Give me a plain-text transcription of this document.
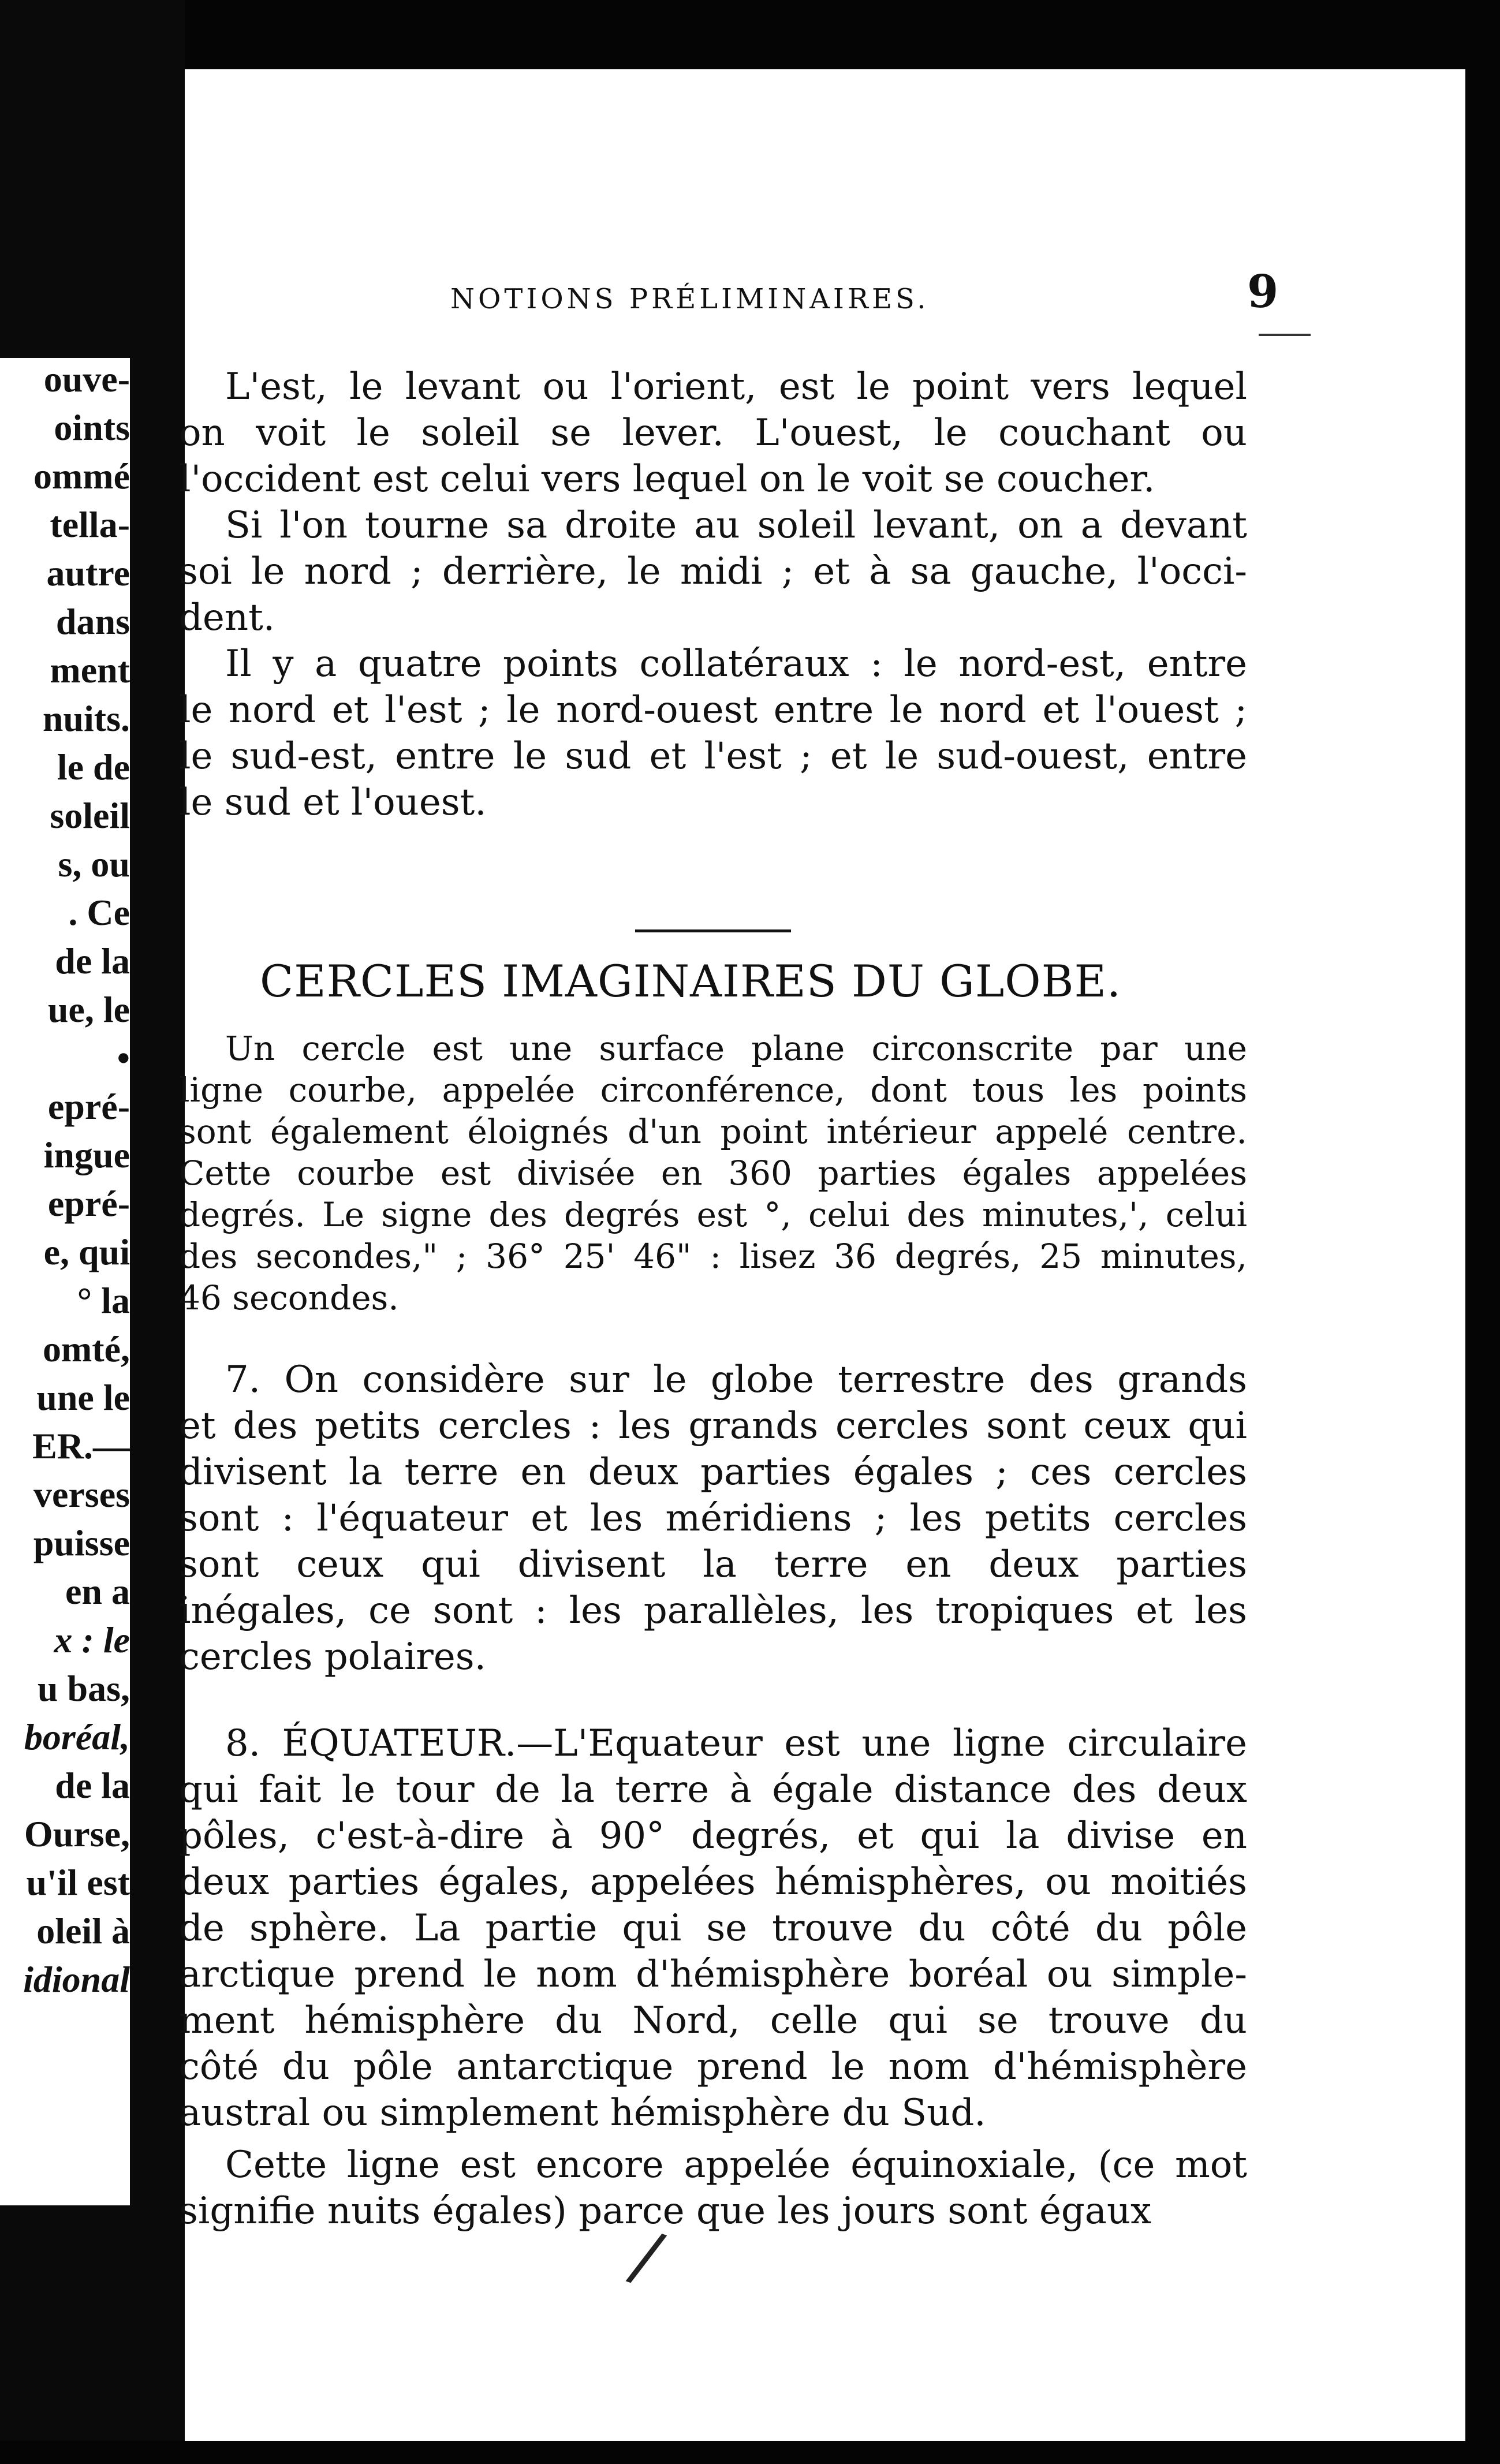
ouve-
oints
ommé
tella-
autre
dans
ment
nuits.
le de
soleil
s, ou
. Ce
de la
ue, le
•
epré-
ingue
epré-
e, qui
° la
omté,
une le
ER.—
verses
puisse
en a
x : le
u bas,
boréal,
de la
Ourse,
u'il est
oleil à
idional
NOTIONS PRÉLIMINAIRES.	9

L'est, le levant ou l'orient, est le point vers lequel

on voit le soleil se lever. L'ouest, le couchant ou

l'occident est celui vers lequel on le voit se coucher.

Si l'on tourne sa droite au soleil levant, on a devant

soi le nord ; derrière, le midi ; et à sa gauche, l'occi-

dent.

Il y a quatre points collatéraux : le nord-est, entre

le nord et l'est ; le nord-ouest entre le nord et l'ouest ;

le sud-est, entre le sud et l'est ; et le sud-ouest, entre

le sud et l'ouest.

CERCLES IMAGINAIRES DU GLOBE.

Un cercle est une surface plane circonscrite par une

ligne courbe, appelée circonférence, dont tous les points

sont également éloignés d'un point intérieur appelé centre.

Cette courbe est divisée en 360 parties égales appelées

degrés. Le signe des degrés est °, celui des minutes,', celui

des secondes," ; 36° 25' 46" : lisez 36 degrés, 25 minutes,

46 secondes.

7. On considère sur le globe terrestre des grands

et des petits cercles : les grands cercles sont ceux qui

divisent la terre en deux parties égales ; ces cercles

sont : l'équateur et les méridiens ; les petits cercles

sont ceux qui divisent la terre en deux parties

inégales, ce sont : les parallèles, les tropiques et les

cercles polaires.

8. ÉQUATEUR.—L'Equateur est une ligne circulaire

qui fait le tour de la terre à égale distance des deux

pôles, c'est-à-dire à 90° degrés, et qui la divise en

deux parties égales, appelées hémisphères, ou moitiés

de sphère. La partie qui se trouve du côté du pôle

arctique prend le nom d'hémisphère boréal ou simple-

ment hémisphère du Nord, celle qui se trouve du

côté du pôle antarctique prend le nom d'hémisphère

austral ou simplement hémisphère du Sud.

Cette ligne est encore appelée équinoxiale, (ce mot

signifie nuits égales) parce que les jours sont égaux

/
